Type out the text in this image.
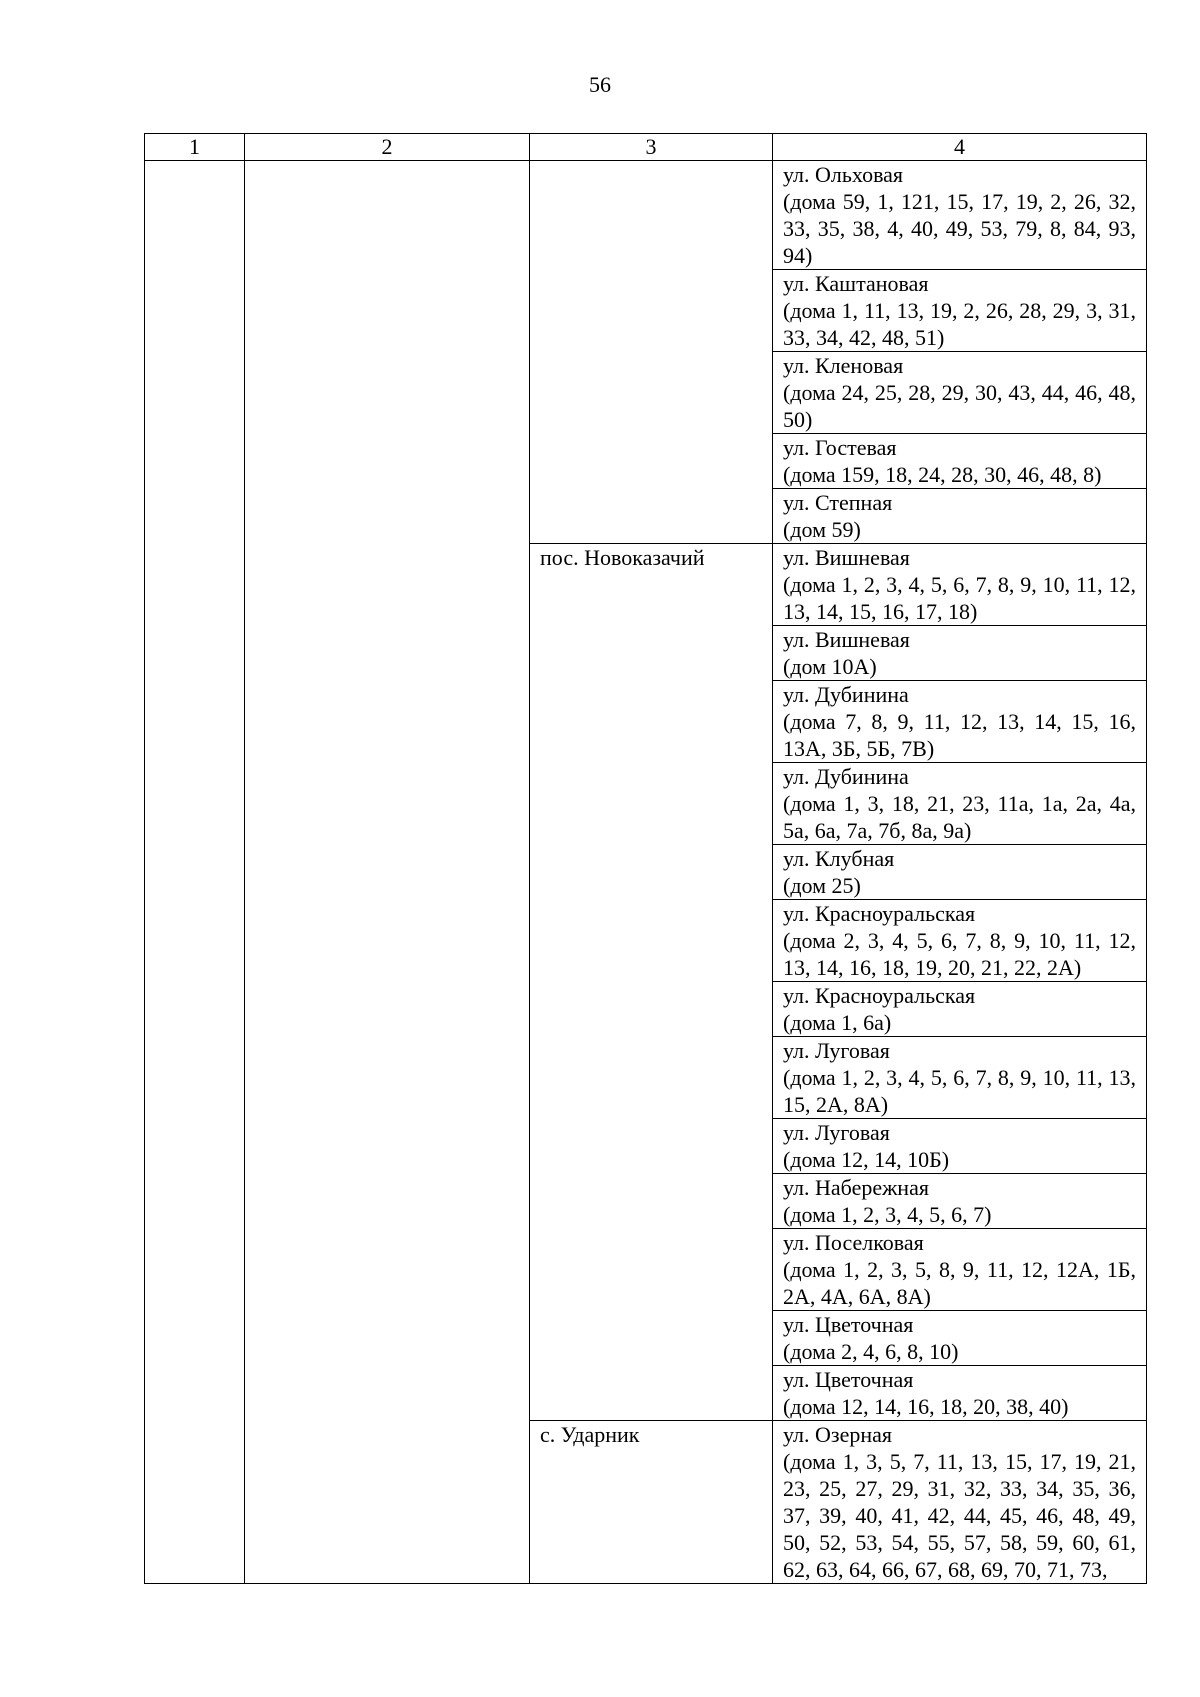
56
1	2	3	4

			ул. Ольховая
(дома 59, 1, 121, 15, 17, 19, 2, 26, 32, 33, 35, 38, 4, 40, 49, 53, 79, 8, 84, 93, 94)

			ул. Каштановая
(дома 1, 11, 13, 19, 2, 26, 28, 29, 3, 31, 33, 34, 42, 48, 51)

			ул. Кленовая
(дома 24, 25, 28, 29, 30, 43, 44, 46, 48, 50)

			ул. Гостевая
(дома 159, 18, 24, 28, 30, 46, 48, 8)

			ул. Степная
(дом 59)

		пос. Новоказачий	ул. Вишневая
(дома 1, 2, 3, 4, 5, 6, 7, 8, 9, 10, 11, 12, 13, 14, 15, 16, 17, 18)

			ул. Вишневая
(дом 10А)

			ул. Дубинина
(дома 7, 8, 9, 11, 12, 13, 14, 15, 16, 13А, 3Б, 5Б, 7В)

			ул. Дубинина
(дома 1, 3, 18, 21, 23, 11а, 1а, 2а, 4а, 5а, 6а, 7а, 7б, 8а, 9а)

			ул. Клубная
(дом 25)

			ул. Красноуральская
(дома 2, 3, 4, 5, 6, 7, 8, 9, 10, 11, 12, 13, 14, 16, 18, 19, 20, 21, 22, 2А)

			ул. Красноуральская
(дома 1, 6а)

			ул. Луговая
(дома 1, 2, 3, 4, 5, 6, 7, 8, 9, 10, 11, 13, 15, 2А, 8А)

			ул. Луговая
(дома 12, 14, 10Б)

			ул. Набережная
(дома 1, 2, 3, 4, 5, 6, 7)

			ул. Поселковая
(дома 1, 2, 3, 5, 8, 9, 11, 12, 12А, 1Б, 2А, 4А, 6А, 8А)

			ул. Цветочная
(дома 2, 4, 6, 8, 10)

			ул. Цветочная
(дома 12, 14, 16, 18, 20, 38, 40)

		с. Ударник	ул. Озерная
(дома 1, 3, 5, 7, 11, 13, 15, 17, 19, 21, 23, 25, 27, 29, 31, 32, 33, 34, 35, 36, 37, 39, 40, 41, 42, 44, 45, 46, 48, 49, 50, 52, 53, 54, 55, 57, 58, 59, 60, 61, 62, 63, 64, 66, 67, 68, 69, 70, 71, 73,
